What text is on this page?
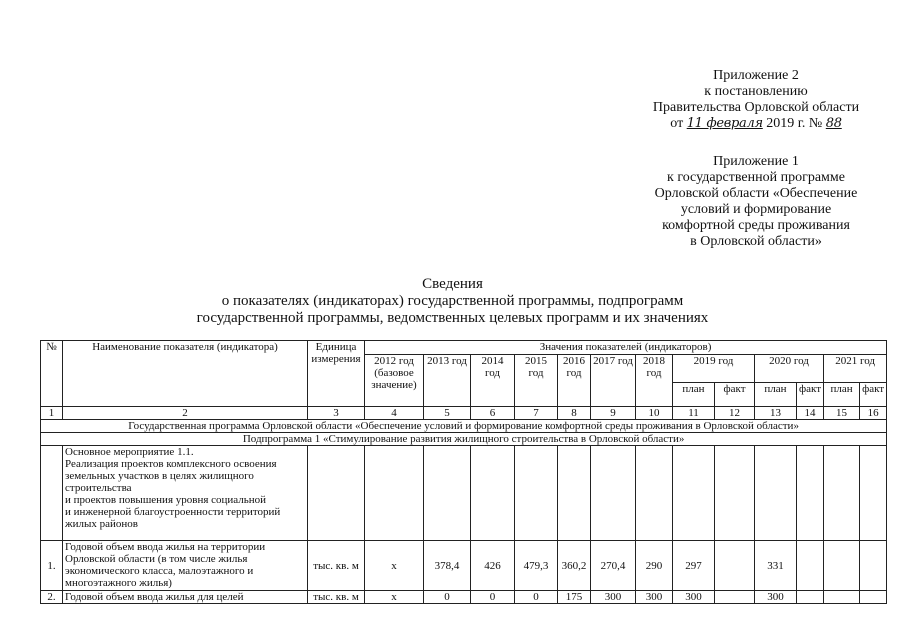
Приложение 2
к постановлению
Правительства Орловской области
от 11 февраля 2019 г. № 88
Приложение 1
к государственной программе
Орловской области «Обеспечение
условий и формирование
комфортной среды проживания
в Орловской области»
Сведения
о показателях (индикаторах) государственной программы, подпрограмм
государственной программы, ведомственных целевых программ и их значениях
№	Наименование показателя (индикатора)	Единица измерения	Значения показателей (индикаторов)												
			2012 год (базовое значение)	2013 год	2014 год	2015 год	2016 год	2017 год	2018 год	2019 год		2020 год		2021 год	
										план	факт	план	факт	план	факт
1	2	3	4	5	6	7	8	9	10	11	12	13	14	15	16
Государственная программа Орловской области «Обеспечение условий и формирование комфортной среды проживания в Орловской области»															
Подпрограмма 1 «Стимулирование развития жилищного строительства в Орловской области»															

	Основное мероприятие 1.1.
Реализация проектов комплексного освоения земельных участков в целях жилищного строительства
и проектов повышения уровня социальной
и инженерной благоустроенности территорий жилых районов														

1.	Годовой объем ввода жилья на территории Орловской области (в том числе жилья экономического класса, малоэтажного и многоэтажного жилья)	тыс. кв. м	х	378,4	426	479,3	360,2	270,4	290	297		331			
2.	Годовой объем ввода жилья для целей	тыс. кв. м	х	0	0	0	175	300	300	300		300			
